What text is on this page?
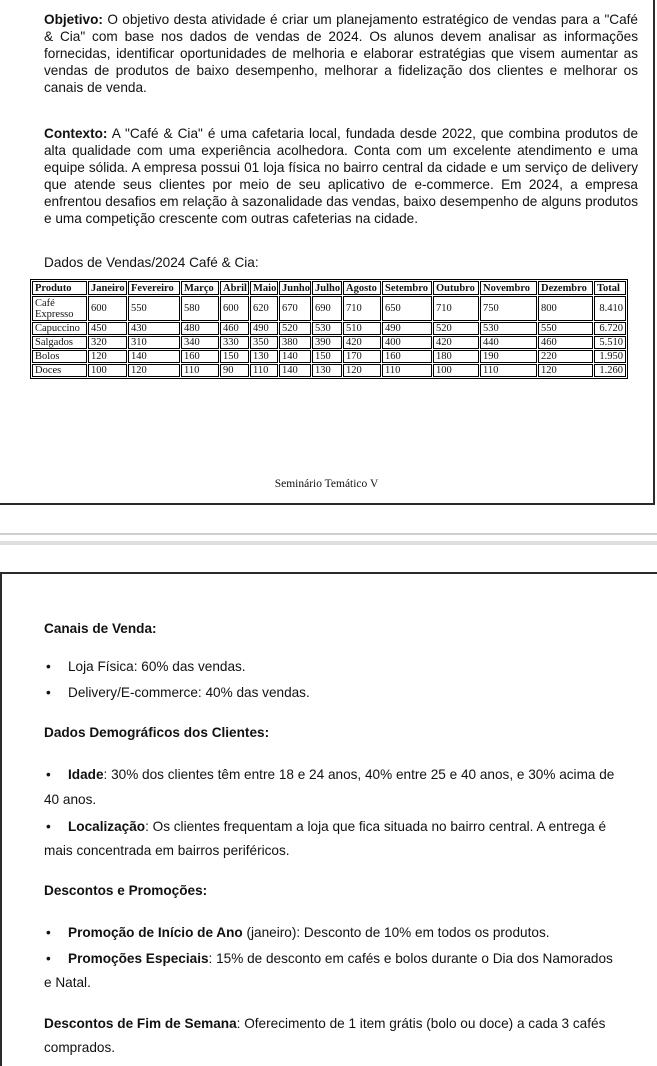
Objetivo: O objetivo desta atividade é criar um planejamento estratégico de vendas para a "Café & Cia" com base nos dados de vendas de 2024. Os alunos devem analisar as informações fornecidas, identificar oportunidades de melhoria e elaborar estratégias que visem aumentar as vendas de produtos de baixo desempenho, melhorar a fidelização dos clientes e melhorar os canais de venda.
Contexto: A "Café & Cia" é uma cafetaria local, fundada desde 2022, que combina produtos de alta qualidade com uma experiência acolhedora. Conta com um excelente atendimento e uma equipe sólida. A empresa possui 01 loja física no bairro central da cidade e um serviço de delivery que atende seus clientes por meio de seu aplicativo de e-commerce. Em 2024, a empresa enfrentou desafios em relação à sazonalidade das vendas, baixo desempenho de alguns produtos e uma competição crescente com outras cafeterias na cidade.
Dados de Vendas/2024 Café & Cia:
Produto	Janeiro	Fevereiro	Março	Abril	Maio	Junho	Julho	Agosto	Setembro	Outubro	Novembro	Dezembro	Total
Café Expresso	600	550	580	600	620	670	690	710	650	710	750	800	8.410
Capuccino	450	430	480	460	490	520	530	510	490	520	530	550	6.720
Salgados	320	310	340	330	350	380	390	420	400	420	440	460	5.510
Bolos	120	140	160	150	130	140	150	170	160	180	190	220	1.950
Doces	100	120	110	90	110	140	130	120	110	100	110	120	1.260
Seminário Temático V
Canais de Venda:
• Loja Física: 60% das vendas.
• Delivery/E-commerce: 40% das vendas.
Dados Demográficos dos Clientes:
• Idade: 30% dos clientes têm entre 18 e 24 anos, 40% entre 25 e 40 anos, e 30% acima de
40 anos.
• Localização: Os clientes frequentam a loja que fica situada no bairro central. A entrega é
mais concentrada em bairros periféricos.
Descontos e Promoções:
• Promoção de Início de Ano (janeiro): Desconto de 10% em todos os produtos.
• Promoções Especiais: 15% de desconto em cafés e bolos durante o Dia dos Namorados
e Natal.
Descontos de Fim de Semana: Oferecimento de 1 item grátis (bolo ou doce) a cada 3 cafés
comprados.
